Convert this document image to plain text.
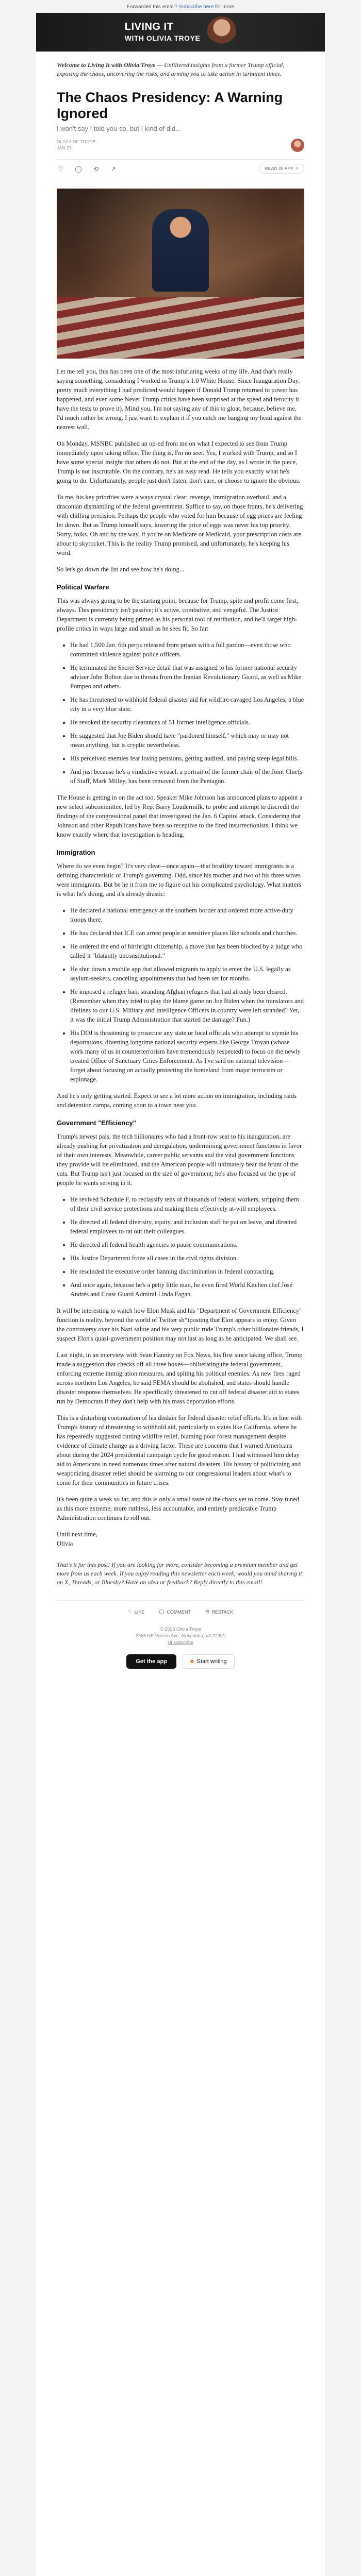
Forwarded this email? Subscribe here for more
LIVING IT
WITH OLIVIA TROYE

Welcome to Living It with Olivia Troye — Unfiltered insights from a former Trump official, exposing the chaos, uncovering the risks, and arming you to take action in turbulent times.

The Chaos Presidency: A Warning Ignored
I won't say I told you so, but I kind of did...
OLIVIA OF TROYE
JAN 23
♡ ◯ ⟲ ↗	READ IN APP ↗

Let me tell you, this has been one of the most infuriating weeks of my life. And that's really saying something, considering I worked in Trump's 1.0 White House. Since Inauguration Day, pretty much everything I had predicted would happen if Donald Trump returned to power has happened, and even some Never Trump critics have been surprised at the speed and ferocity it have the tests to prove it). Mind you, I'm not saying any of this to gloat, because, believe me, I'd much rather be wrong. I just want to explain it if you catch me banging my head against the nearest wall.

On Monday, MSNBC published an op-ed from me on what I expected to see from Trump immediately upon taking office. The thing is, I'm no seer. Yes, I worked with Trump, and so I have some special insight that others do not. But at the end of the day, as I wrote in the piece, Trump is not inscrutable. On the contrary, he's an easy read. He tells you exactly what he's going to do. Unfortunately, people just don't listen, don't care, or choose to ignore the obvious.

To me, his key priorities were always crystal clear: revenge, immigration overhaul, and a draconian dismantling of the federal government. Suffice to say, on those fronts, he's delivering with chilling precision. Perhaps the people who voted for him because of egg prices are feeling let down. But as Trump himself says, lowering the price of eggs was never his top priority. Sorry, folks. Oh and by the way, if you're on Medicare or Medicaid, your prescription costs are about to skyrocket. This is the reality Trump promised, and unfortunately, he's keeping his word.

So let's go down the list and see how he's doing...

Political Warfare

This was always going to be the starting point, because for Trump, spite and profit come first, always. This presidency isn't passive; it's active, combative, and vengeful. The Justice Department is currently being primed as his personal tool of retribution, and he'll target high-profile critics in ways large and small as he sees fit. So far:

• He had 1,500 Jan. 6th perps released from prison with a full pardon—even those who committed violence against police officers.
• He terminated the Secret Service detail that was assigned to his former national security adviser John Bolton due to threats from the Iranian Revolutionary Guard, as well as Mike Pompeo and others.
• He has threatened to withhold federal disaster aid for wildfire-ravaged Los Angeles, a blue city in a very blue state.
• He revoked the security clearances of 51 former intelligence officials.
• He suggested that Joe Biden should have "pardoned himself," which may or may not mean anything, but is cryptic nevertheless.
• His perceived enemies fear losing pensions, getting audited, and paying steep legal bills.
• And just because he's a vindictive weasel, a portrait of the former chair of the Joint Chiefs of Staff, Mark Milley, has been removed from the Pentagon.

The House is getting in on the act too. Speaker Mike Johnson has announced plans to appoint a new select subcommittee, led by Rep. Barry Loudermilk, to probe and attempt to discredit the findings of the congressional panel that investigated the Jan. 6 Capitol attack. Considering that Johnson and other Republicans have been so receptive to the fired insurrectionists, I think we know exactly where that investigation is heading.

Immigration

Where do we even begin? It's very clear—once again—that hostility toward immigrants is a defining characteristic of Trump's governing. Odd, since his mother and two of his three wives were immigrants. But be he it from me to figure out his complicated psychology. What matters is what he's doing, and it's already drastic:

• He declared a national emergency at the southern border and ordered more active-duty troops there.
• He has declared that ICE can arrest people at sensitive places like schools and churches.
• He ordered the end of birthright citizenship, a move that has been blocked by a judge who called it "blatantly unconstitutional."
• He shut down a mobile app that allowed migrants to apply to enter the U.S. legally as asylum-seekers, canceling appointments that had been set for months.
• He imposed a refugee ban, stranding Afghan refugees that had already been cleared. (Remember when they tried to play the blame game on Joe Biden when the translators and lifelines to our U.S. Military and Intelligence Officers in country were left stranded? Yet, it was the initial Trump Administration that started the damage? Fun.)
• His DOJ is threatening to prosecute any state or local officials who attempt to stymie his deportations, diverting longtime national security experts like George Troyan (whose work many of us in counterterrorism have tremendously respected) to focus on the newly created Office of Sanctuary Cities Enforcement. As I've said on national television—forget about focusing on actually protecting the homeland from major terrorism or espionage.

And he's only getting started. Expect to see a lot more action on immigration, including raids and detention camps, coming soon to a town near you.

Government "Efficiency"

Trump's newest pals, the tech billionaires who had a front-row seat to his inauguration, are already pushing for privatization and deregulation, undermining government functions in favor of their own interests. Meanwhile, career public servants and the vital government functions they provide will be eliminated, and the American people will ultimately bear the brunt of the cuts. But Trump isn't just focused on the size of government; he's also focused on the type of people he wants serving in it.

• He revived Schedule F, to reclassify tens of thousands of federal workers, stripping them of their civil service protections and making them effectively at-will employees.
• He directed all federal diversity, equity, and inclusion staff be put on leave, and directed federal employees to rat out their colleagues.
• He directed all federal health agencies to pause communications.
• His Justice Department froze all cases in the civil rights division.
• He rescinded the executive order banning discrimination in federal contracting.
• And once again, because he's a petty little man, he even fired World Kitchen chef José Andrés and Coast Guard Admiral Linda Fagan.

It will be interesting to watch how Elon Musk and his "Department of Government Efficiency" function is reality, beyond the world of Twitter sh*tposting that Elon appears to enjoy. Given the controversy over his Nazi salute and his very public rude Trump's other billionaire friends, I suspect Elon's quasi-government position may not last as long as he anticipated. We shall see.

Last night, in an interview with Sean Hannity on Fox News, his first since taking office, Trump made a suggestion that checks off all three boxes—obliterating the federal government, enforcing extreme immigration measures, and spiting his political enemies. As new fires raged across northern Los Angeles, he said FEMA should be abolished, and states should handle disaster response themselves. He specifically threatened to cut off federal disaster aid to states run by Democrats if they don't help with his mass deportation efforts.

This is a disturbing continuation of his disdain for federal disaster relief efforts. It's in line with Trump's history of threatening to withhold aid, particularly to states like California, where he has repeatedly suggested cutting wildfire relief, blaming poor forest management despite evidence of climate change as a driving factor. These are concerns that I warned Americans about during the 2024 presidential campaign cycle for good reason. I had witnessed him delay aid to Americans in need numerous times after natural disasters. His history of politicizing and weaponizing disaster relief should be alarming to our congressional leaders about what's to come for their communities in future crises.

It's been quite a week so far, and this is only a small taste of the chaos yet to come. Stay tuned as this more extreme, more ruthless, less accountable, and entirely predictable Trump Administration continues to roll out.

Until next time,

Olivia

That's it for this post! If you are looking for more, consider becoming a premium member and get more from us each week. If you enjoy reading this newsletter each week, would you mind sharing it on X, Threads, or Bluesky? Have an idea or feedback? Reply directly to this email!
♡ LIKE	◯ COMMENT	⟲ RESTACK
© 2025 Olivia Troye
2358 NE Vernon Ave, Alexandria, VA 22301
Unsubscribe
Get the app	■ Start writing
